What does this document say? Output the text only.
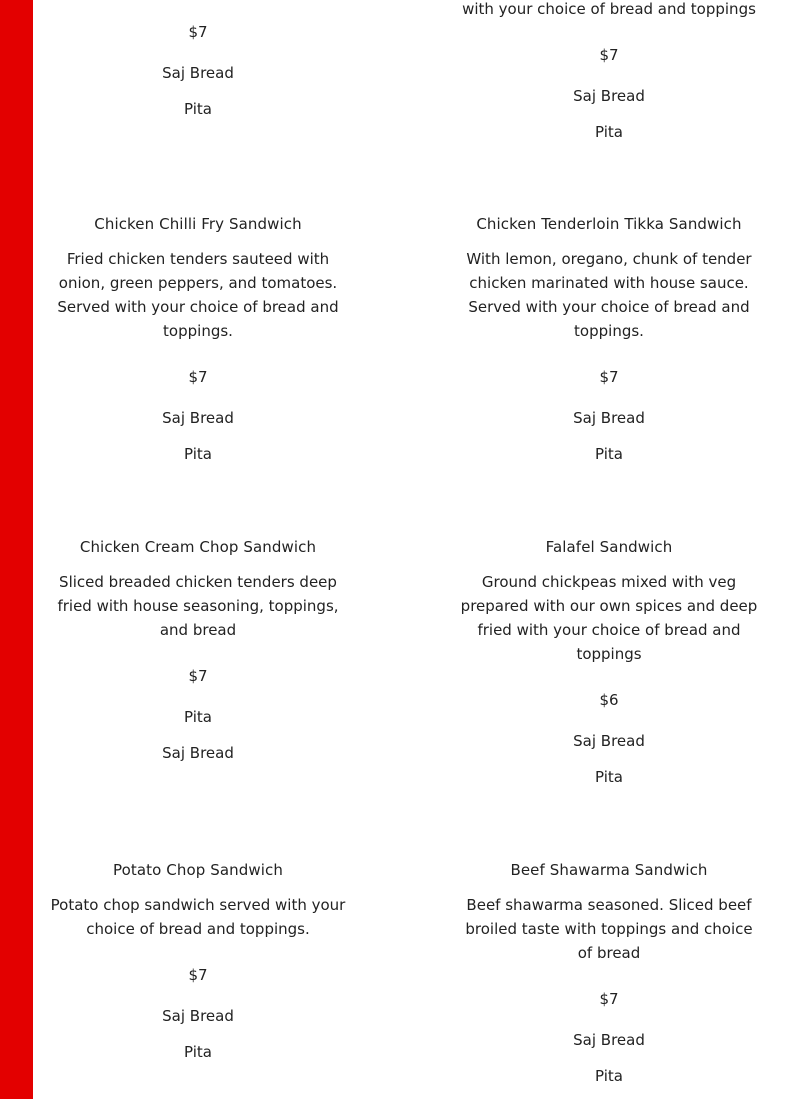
$7
Saj Bread
Pita
with your choice of bread and toppings
$7
Saj Bread
Pita
Chicken Chilli Fry Sandwich
Fried chicken tenders sauteed with onion, green peppers, and tomatoes. Served with your choice of bread and toppings.
$7
Saj Bread
Pita
Chicken Tenderloin Tikka Sandwich
With lemon, oregano, chunk of tender chicken marinated with house sauce. Served with your choice of bread and toppings.
$7
Saj Bread
Pita
Chicken Cream Chop Sandwich
Sliced breaded chicken tenders deep fried with house seasoning, toppings, and bread
$7
Pita
Saj Bread
Falafel Sandwich
Ground chickpeas mixed with veg prepared with our own spices and deep fried with your choice of bread and toppings
$6
Saj Bread
Pita
Potato Chop Sandwich
Potato chop sandwich served with your choice of bread and toppings.
$7
Saj Bread
Pita
Beef Shawarma Sandwich
Beef shawarma seasoned. Sliced beef broiled taste with toppings and choice of bread
$7
Saj Bread
Pita
